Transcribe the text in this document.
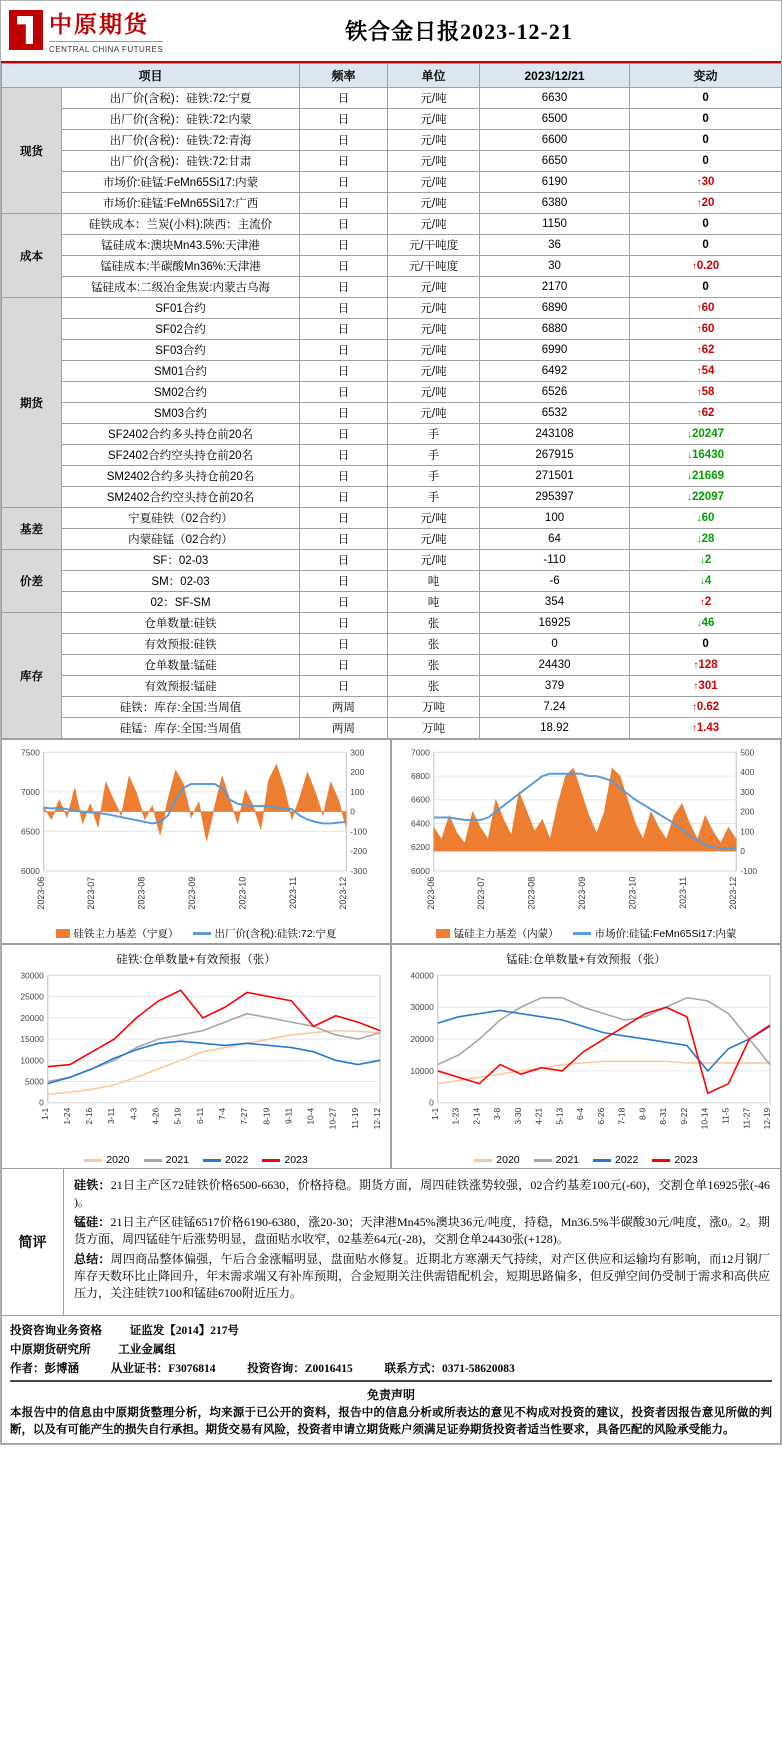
中原期货
CENTRAL CHINA FUTURES
铁合金日报2023-12-21
项目		频率	单位	2023/12/21	变动
现货	出厂价(含税)：硅铁:72:宁夏	日	元/吨	6630	0
	出厂价(含税)：硅铁:72:内蒙	日	元/吨	6500	0
	出厂价(含税)：硅铁:72:青海	日	元/吨	6600	0
	出厂价(含税)：硅铁:72:甘肃	日	元/吨	6650	0
	市场价:硅锰:FeMn65Si17:内蒙	日	元/吨	6190	↑30
	市场价:硅锰:FeMn65Si17:广西	日	元/吨	6380	↑20
成本	硅铁成本：兰炭(小料):陕西：主流价	日	元/吨	1150	0
	锰硅成本:澳块Mn43.5%:天津港	日	元/干吨度	36	0
	锰硅成本:半碳酸Mn36%:天津港	日	元/干吨度	30	↑0.20
	锰硅成本:二级冶金焦炭:内蒙古乌海	日	元/吨	2170	0
期货	SF01合约	日	元/吨	6890	↑60
	SF02合约	日	元/吨	6880	↑60
	SF03合约	日	元/吨	6990	↑62
	SM01合约	日	元/吨	6492	↑54
	SM02合约	日	元/吨	6526	↑58
	SM03合约	日	元/吨	6532	↑62
	SF2402合约多头持仓前20名	日	手	243108	↓20247
	SF2402合约空头持仓前20名	日	手	267915	↓16430
	SM2402合约多头持仓前20名	日	手	271501	↓21669
	SM2402合约空头持仓前20名	日	手	295397	↓22097
基差	宁夏硅铁（02合约）	日	元/吨	100	↓60
	内蒙硅锰（02合约）	日	元/吨	64	↓28
价差	SF：02-03	日	元/吨	-110	↓2
	SM：02-03	日	吨	-6	↓4
	02：SF-SM	日	吨	354	↑2
库存	仓单数量:硅铁	日	张	16925	↓46
	有效预报:硅铁	日	张	0	0
	仓单数量:锰硅	日	张	24430	↑128
	有效预报:锰硅	日	张	379	↑301
	硅铁：库存:全国:当周值	两周	万吨	7.24	↑0.62
	硅锰：库存:全国:当周值	两周	万吨	18.92	↑1.43
6000
6500
7000
7500
-300
-200
-100
0
100
200
300
2023-06	2023-07	2023-08	2023-09	2023-10	2023-11	2023-12
硅铁主力基差（宁夏）	出厂价(含税):硅铁:72:宁夏
6000
6200
6400
6600
6800
7000
-100
0
100
200
300
400
500
2023-06	2023-07	2023-08	2023-09	2023-10	2023-11	2023-12
锰硅主力基差（内蒙）	市场价:硅锰:FeMn65Si17:内蒙
硅铁:仓单数量+有效预报（张）
0
5000
10000
15000
20000
25000
30000
1-1 1-24 2-16 3-11 4-3 4-26 5-19 6-11 7-4 7-27 8-19 9-11 10-4 10-27 11-19 12-12
2020	2021	2022	2023
锰硅:仓单数量+有效预报（张）
0
10000
20000
30000
40000
1-1 1-23 2-14 3-8 3-30 4-21 5-13 6-4 6-26 7-18 8-9 8-31 9-22 10-14 11-5 11-27 12-19
2020	2021	2022	2023
简评

硅铁：21日主产区72硅铁价格6500-6630，价格持稳。期货方面，周四硅铁涨势较强，02合约基差100元(-60)，交割仓单16925张(-46 )。

锰硅：21日主产区硅锰6517价格6190-6380，涨20-30；天津港Mn45%澳块36元/吨度，持稳，Mn36.5%半碳酸30元/吨度，涨0。2。期货方面，周四锰硅午后涨势明显，盘面贴水收窄，02基差64元(-28)，交割仓单24430张(+128)。

总结：周四商品整体偏强，午后合金涨幅明显，盘面贴水修复。近期北方寒潮天气持续，对产区供应和运输均有影响，而12月钢厂库存天数环比止降回升，年末需求端又有补库预期，合金短期关注供需错配机会，短期思路偏多，但反弹空间仍受制于需求和高供应压力，关注硅铁7100和锰硅6700附近压力。

投资咨询业务资格 证监发【2014】217号
中原期货研究所 工业金属组
作者：彭博涵	从业证书：F3076814	投资咨询：Z0016415	联系方式：0371-58620083
免责声明
本报告中的信息由中原期货整理分析，均来源于已公开的资料，报告中的信息分析或所表达的意见不构成对投资的建议，投资者因报告意见所做的判断，以及有可能产生的损失自行承担。期货交易有风险，投资者申请立期货账户须满足证券期货投资者适当性要求，具备匹配的风险承受能力。
